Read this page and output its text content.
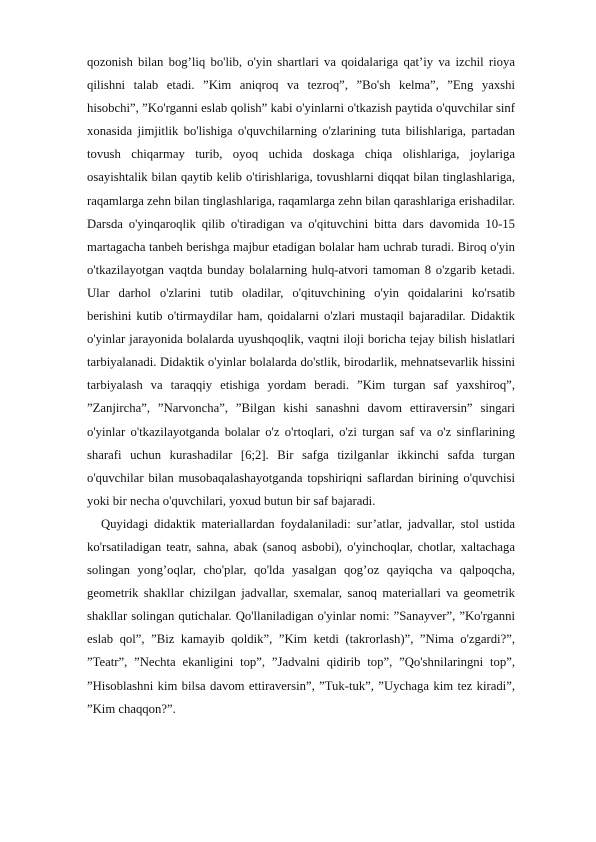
qozonish bilan bog’liq bo'lib, o'yin shartlari va qoidalariga qat’iy va izchil rioya qilishni talab etadi. ”Kim aniqroq va tezroq”, ”Bo'sh kelma”, ”Eng yaxshi hisobchi”, ”Ko'rganni eslab qolish” kabi o'yinlarni o'tkazish paytida o'quvchilar sinf xonasida jimjitlik bo'lishiga o'quvchilarning o'zlarining tuta bilishlariga, partadan tovush chiqarmay turib, oyoq uchida doskaga chiqa olishlariga, joylariga osayishtalik bilan qaytib kelib o'tirishlariga, tovushlarni diqqat bilan tinglashlariga, raqamlarga zehn bilan tinglashlariga, raqamlarga zehn bilan qarashlariga erishadilar. Darsda o'yinqaroqlik qilib o'tiradigan va o'qituvchini bitta dars davomida 10-15 martagacha tanbeh berishga majbur etadigan bolalar ham uchrab turadi. Biroq o'yin o'tkazilayotgan vaqtda bunday bolalarning hulq-atvori tamoman 8 o'zgarib ketadi. Ular darhol o'zlarini tutib oladilar, o'qituvchining o'yin qoidalarini ko'rsatib berishini kutib o'tirmaydilar ham, qoidalarni o'zlari mustaqil bajaradilar. Didaktik o'yinlar jarayonida bolalarda uyushqoqlik, vaqtni iloji boricha tejay bilish hislatlari tarbiyalanadi. Didaktik o'yinlar bolalarda do'stlik, birodarlik, mehnatsevarlik hissini tarbiyalash va taraqqiy etishiga yordam beradi. ”Kim turgan saf yaxshiroq”, ”Zanjircha”, ”Narvoncha”, ”Bilgan kishi sanashni davom ettiraversin” singari o'yinlar o'tkazilayotganda bolalar o'z o'rtoqlari, o'zi turgan saf va o'z sinflarining sharafi uchun kurashadilar [6;2]. Bir safga tizilganlar ikkinchi safda turgan o'quvchilar bilan musobaqalashayotganda topshiriqni saflardan birining o'quvchisi yoki bir necha o'quvchilari, yoxud butun bir saf bajaradi.

Quyidagi didaktik materiallardan foydalaniladi: sur’atlar, jadvallar, stol ustida ko'rsatiladigan teatr, sahna, abak (sanoq asbobi), o'yinchoqlar, chotlar, xaltachaga solingan yong’oqlar, cho'plar, qo'lda yasalgan qog’oz qayiqcha va qalpoqcha, geometrik shakllar chizilgan jadvallar, sxemalar, sanoq materiallari va geometrik shakllar solingan qutichalar. Qo'llaniladigan o'yinlar nomi: ”Sanayver”, ”Ko'rganni eslab qol”, ”Biz kamayib qoldik”, ”Kim ketdi (takrorlash)”, ”Nima o'zgardi?”, ”Teatr”, ”Nechta ekanligini top”, ”Jadvalni qidirib top”, ”Qo'shnilaringni top”, ”Hisoblashni kim bilsa davom ettiraversin”, ”Tuk-tuk”, ”Uychaga kim tez kiradi”, ”Kim chaqqon?”.
